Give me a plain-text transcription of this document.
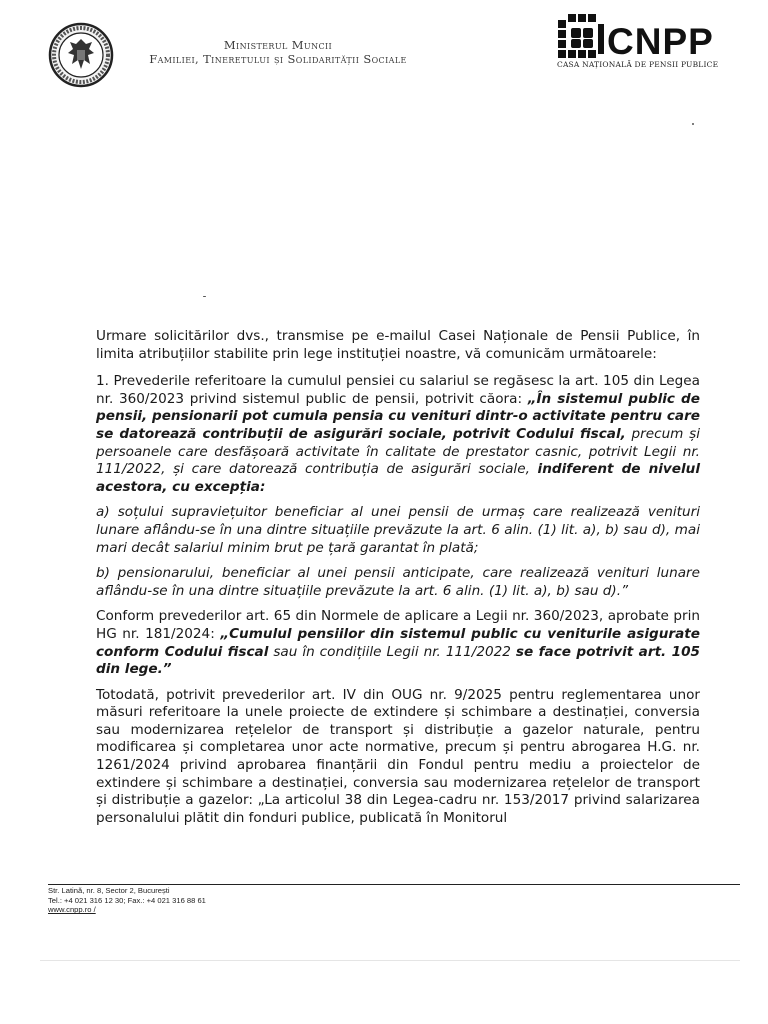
Ministerul Muncii
Familiei, Tineretului și Solidarității Sociale	CNPP
CASA NAȚIONALĂ DE PENSII PUBLICE

Urmare solicitărilor dvs., transmise pe e-mailul Casei Naționale de Pensii Publice, în limita atribuțiilor stabilite prin lege instituției noastre, vă comunicăm următoarele:

1. Prevederile referitoare la cumulul pensiei cu salariul se regăsesc la art. 105 din Legea nr. 360/2023 privind sistemul public de pensii, potrivit căora: „În sistemul public de pensii, pensionarii pot cumula pensia cu venituri dintr-o activitate pentru care se datorează contribuții de asigurări sociale, potrivit Codului fiscal, precum și persoanele care desfășoară activitate în calitate de prestator casnic, potrivit Legii nr. 111/2022, și care datorează contribuția de asigurări sociale, indiferent de nivelul acestora, cu excepția:

a) soțului supraviețuitor beneficiar al unei pensii de urmaș care realizează venituri lunare aflându-se în una dintre situațiile prevăzute la art. 6 alin. (1) lit. a), b) sau d), mai mari decât salariul minim brut pe țară garantat în plată;

b) pensionarului, beneficiar al unei pensii anticipate, care realizează venituri lunare aflându-se în una dintre situațiile prevăzute la art. 6 alin. (1) lit. a), b) sau d).”

Conform prevederilor art. 65 din Normele de aplicare a Legii nr. 360/2023, aprobate prin HG nr. 181/2024: „Cumulul pensiilor din sistemul public cu veniturile asigurate conform Codului fiscal sau în condițiile Legii nr. 111/2022 se face potrivit art. 105 din lege.”

Totodată, potrivit prevederilor art. IV din OUG nr. 9/2025 pentru reglementarea unor măsuri referitoare la unele proiecte de extindere și schimbare a destinației, conversia sau modernizarea rețelelor de transport și distribuție a gazelor naturale, pentru modificarea și completarea unor acte normative, precum și pentru abrogarea H.G. nr. 1261/2024 privind aprobarea finanțării din Fondul pentru mediu a proiectelor de extindere și schimbare a destinației, conversia sau modernizarea rețelelor de transport și distribuție a gazelor: „La articolul 38 din Legea-cadru nr. 153/2017 privind salarizarea personalului plătit din fonduri publice, publicată în Monitorul

Str. Latină, nr. 8, Sector 2, București
Tel.: +4 021 316 12 30; Fax.: +4 021 316 88 61
www.cnpp.ro /
